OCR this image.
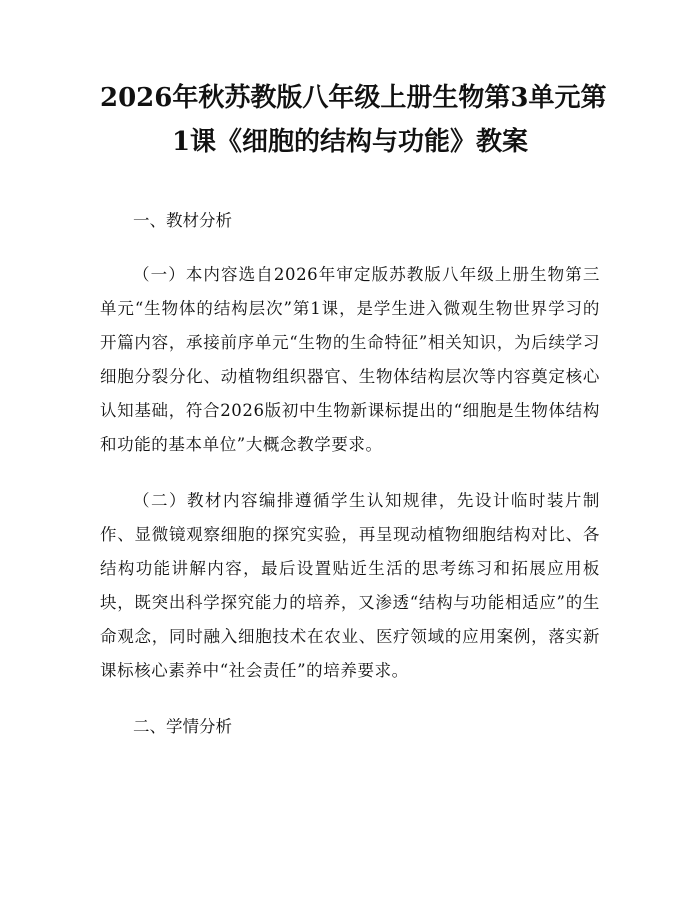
2026年秋苏教版八年级上册生物第3单元第
1课《细胞的结构与功能》教案

一、教材分析

（一）本内容选自2026年审定版苏教版八年级上册生物第三单元“生物体的结构层次”第1课，是学生进入微观生物世界学习的开篇内容，承接前序单元“生物的生命特征”相关知识，为后续学习细胞分裂分化、动植物组织器官、生物体结构层次等内容奠定核心认知基础，符合2026版初中生物新课标提出的“细胞是生物体结构和功能的基本单位”大概念教学要求。

（二）教材内容编排遵循学生认知规律，先设计临时装片制作、显微镜观察细胞的探究实验，再呈现动植物细胞结构对比、各结构功能讲解内容，最后设置贴近生活的思考练习和拓展应用板块，既突出科学探究能力的培养，又渗透“结构与功能相适应”的生命观念，同时融入细胞技术在农业、医疗领域的应用案例，落实新课标核心素养中“社会责任”的培养要求。

二、学情分析
